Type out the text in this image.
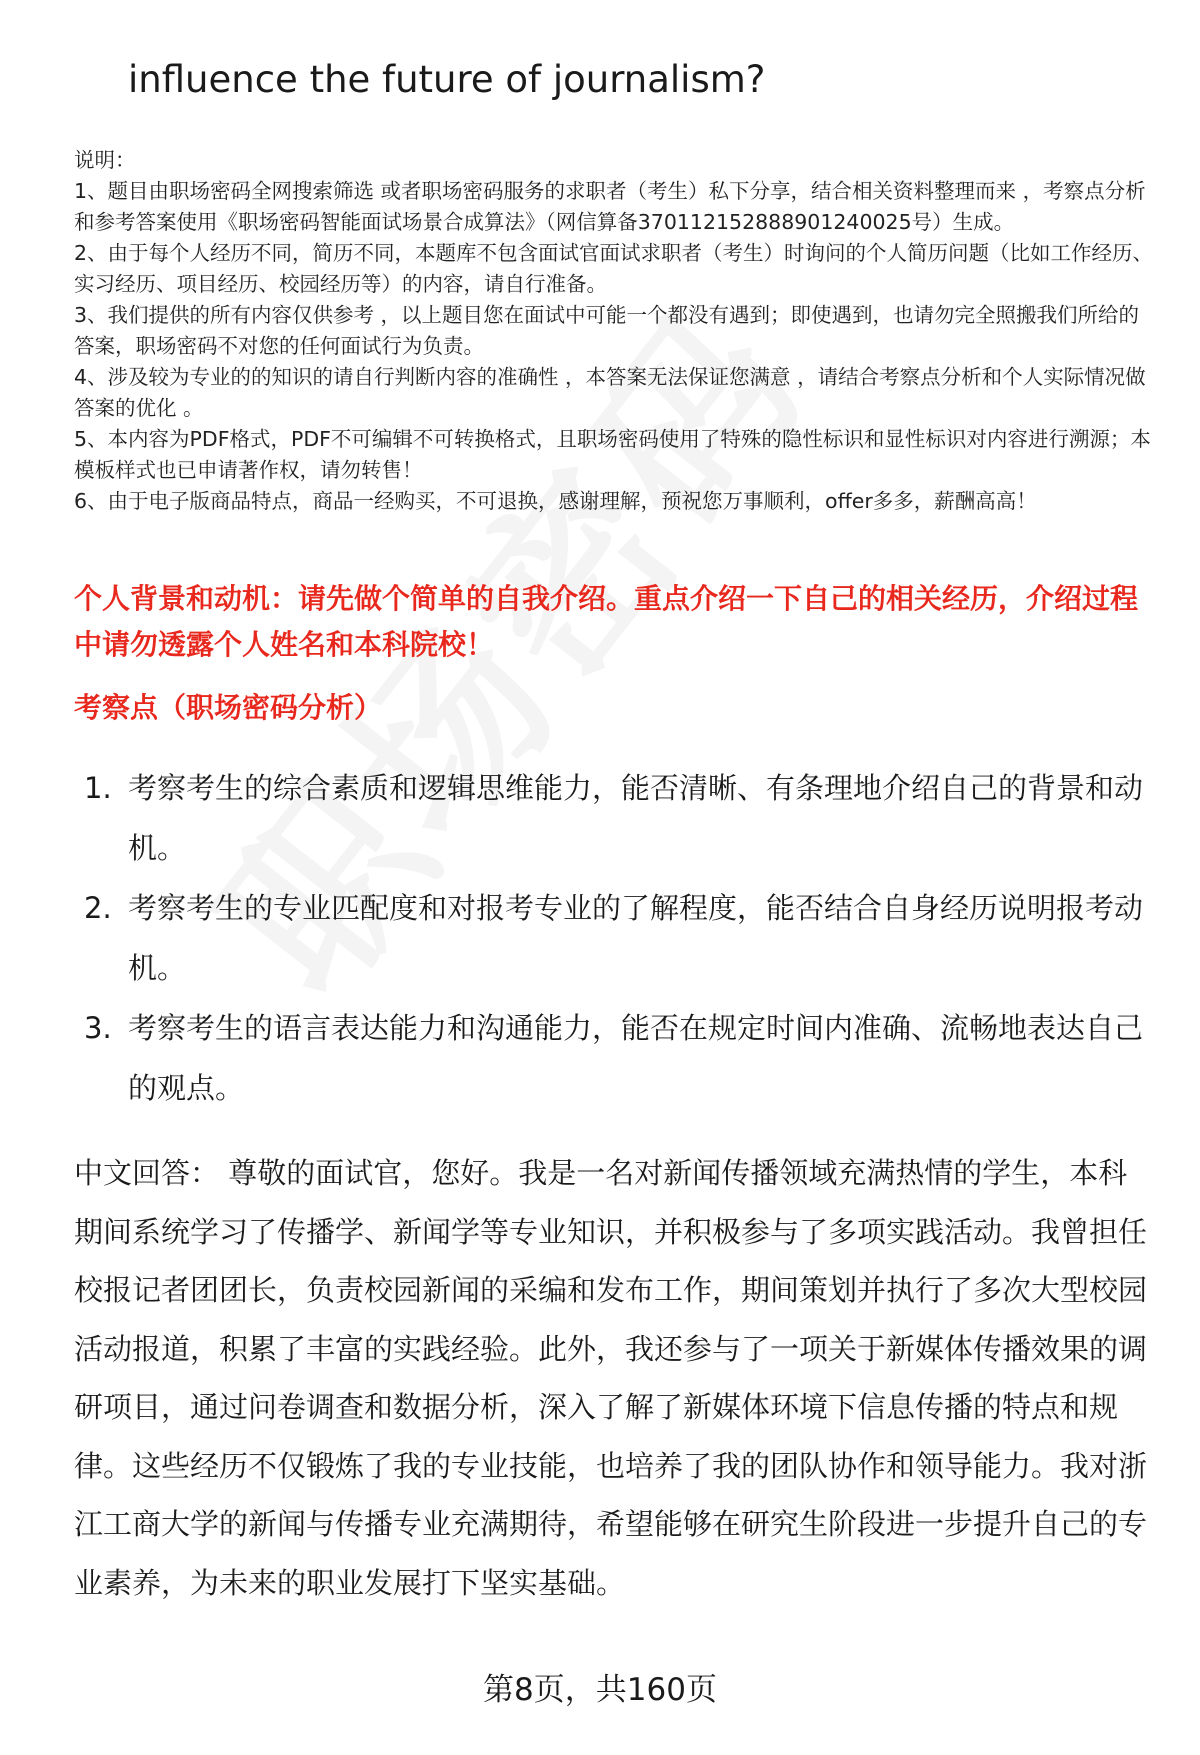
influence the future of journalism?

说明：

1、题目由职场密码全网搜索筛选 或者职场密码服务的求职者（考生）私下分享，结合相关资料整理而来 ，考察点分析和参考答案使用《职场密码智能面试场景合成算法》（网信算备370112152888901240025号）生成。

2、由于每个人经历不同，简历不同，本题库不包含面试官面试求职者（考生）时询问的个人简历问题（比如工作经历、实习经历、项目经历、校园经历等）的内容，请自行准备。

3、我们提供的所有内容仅供参考 ，以上题目您在面试中可能一个都没有遇到；即使遇到，也请勿完全照搬我们所给的答案，职场密码不对您的任何面试行为负责。

4、涉及较为专业的的知识的请自行判断内容的准确性 ，本答案无法保证您满意 ，请结合考察点分析和个人实际情况做答案的优化 。

5、本内容为PDF格式，PDF不可编辑不可转换格式，且职场密码使用了特殊的隐性标识和显性标识对内容进行溯源；本模板样式也已申请著作权，请勿转售！

6、由于电子版商品特点，商品一经购买，不可退换，感谢理解，预祝您万事顺利，offer多多，薪酬高高！

个人背景和动机：请先做个简单的自我介绍。重点介绍一下自己的相关经历，介绍过程中请勿透露个人姓名和本科院校！
考察点（职场密码分析）
1. 考察考生的综合素质和逻辑思维能力，能否清晰、有条理地介绍自己的背景和动机。
2. 考察考生的专业匹配度和对报考专业的了解程度，能否结合自身经历说明报考动机。
3. 考察考生的语言表达能力和沟通能力，能否在规定时间内准确、流畅地表达自己的观点。

中文回答： 尊敬的面试官，您好。我是一名对新闻传播领域充满热情的学生，本科期间系统学习了传播学、新闻学等专业知识，并积极参与了多项实践活动。我曾担任校报记者团团长，负责校园新闻的采编和发布工作，期间策划并执行了多次大型校园活动报道，积累了丰富的实践经验。此外，我还参与了一项关于新媒体传播效果的调研项目，通过问卷调查和数据分析，深入了解了新媒体环境下信息传播的特点和规律。这些经历不仅锻炼了我的专业技能，也培养了我的团队协作和领导能力。我对浙江工商大学的新闻与传播专业充满期待，希望能够在研究生阶段进一步提升自己的专业素养，为未来的职业发展打下坚实基础。

第8页，共160页
